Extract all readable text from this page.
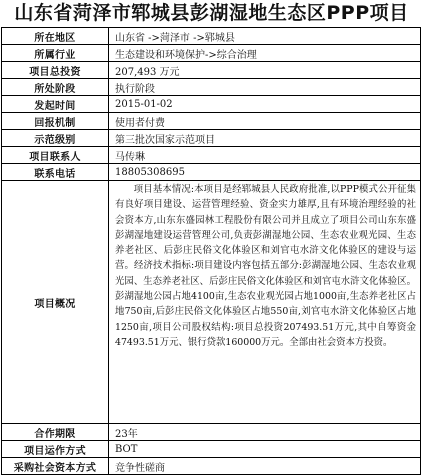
山东省菏泽市郓城县彭湖湿地生态区PPP项目
所在地区	山东省 ->菏泽市 ->郓城县
所属行业	生态建设和环境保护->综合治理
项目总投资	207,493 万元
所处阶段	执行阶段
发起时间	2015-01-02
回报机制	使用者付费
示范级别	第三批次国家示范项目
项目联系人	马传琳
联系电话	18805308695
项目概况	项目基本情况:本项目是经郓城县人民政府批准,以PPP模式公开征集有良好项目建设、运营管理经验、资金实力雄厚,且有环境治理经验的社会资本方,山东东盛园林工程股份有限公司并且成立了项目公司山东东盛彭湖湿地建设运营管理公司,负责彭湖湿地公园、生态农业观光园、生态养老社区、后彭庄民俗文化体验区和刘官屯水浒文化体验区的建设与运营。经济技术指标:项目建设内容包括五部分:彭湖湿地公园、生态农业观光园、生态养老社区、后彭庄民俗文化体验区和刘官屯水浒文化体验区。彭湖湿地公园占地4100亩,生态农业观光园占地1000亩,生态养老社区占地750亩,后彭庄民俗文化体验区占地550亩,刘官屯水浒文化体验区占地1250亩,项目公司股权结构:项目总投资207493.51万元,其中自筹资金47493.51万元、银行贷款160000万元。全部由社会资本方投资。

合作期限	23年
项目运作方式	BOT
采购社会资本方式	竞争性磋商
